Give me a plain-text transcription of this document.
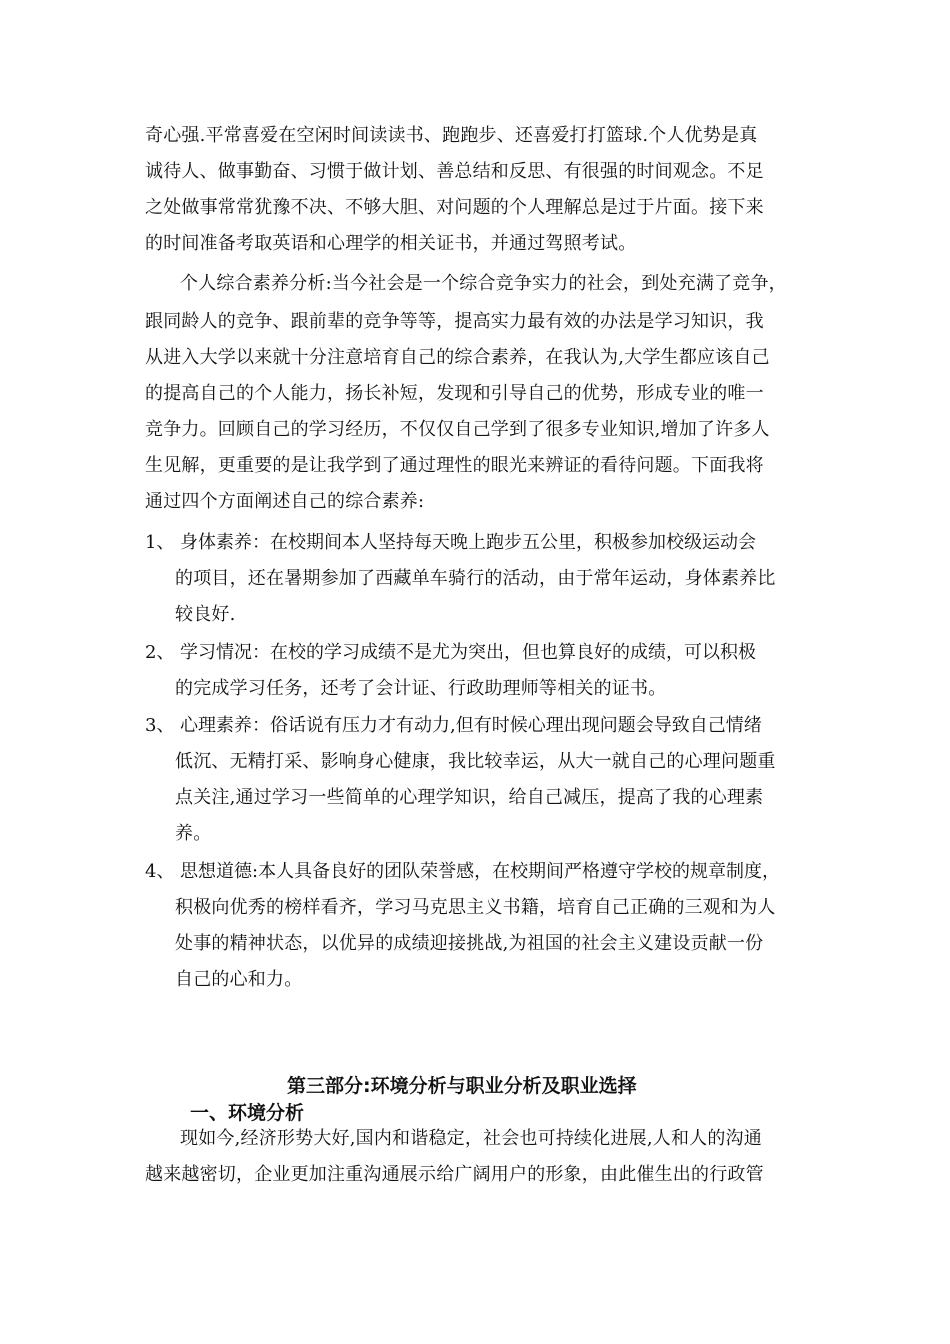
奇心强.平常喜爱在空闲时间读读书、跑跑步、还喜爱打打篮球.个人优势是真
诚待人、做事勤奋、习惯于做计划、善总结和反思、有很强的时间观念。不足
之处做事常常犹豫不决、不够大胆、对问题的个人理解总是过于片面。接下来
的时间准备考取英语和心理学的相关证书，并通过驾照考试。
个人综合素养分析:当今社会是一个综合竞争实力的社会，到处充满了竞争，
跟同龄人的竞争、跟前辈的竞争等等，提高实力最有效的办法是学习知识，我
从进入大学以来就十分注意培育自己的综合素养，在我认为,大学生都应该自己
的提高自己的个人能力，扬长补短，发现和引导自己的优势，形成专业的唯一
竞争力。回顾自己的学习经历，不仅仅自己学到了很多专业知识,增加了许多人
生见解，更重要的是让我学到了通过理性的眼光来辨证的看待问题。下面我将
通过四个方面阐述自己的综合素养:
1、 身体素养：在校期间本人坚持每天晚上跑步五公里，积极参加校级运动会
的项目，还在暑期参加了西藏单车骑行的活动，由于常年运动，身体素养比
较良好.
2、 学习情况：在校的学习成绩不是尤为突出，但也算良好的成绩，可以积极
的完成学习任务，还考了会计证、行政助理师等相关的证书。
3、 心理素养：俗话说有压力才有动力,但有时候心理出现问题会导致自己情绪
低沉、无精打采、影响身心健康，我比较幸运，从大一就自己的心理问题重
点关注,通过学习一些简单的心理学知识，给自己减压，提高了我的心理素
养。
4、 思想道德:本人具备良好的团队荣誉感，在校期间严格遵守学校的规章制度，
积极向优秀的榜样看齐，学习马克思主义书籍，培育自己正确的三观和为人
处事的精神状态，以优异的成绩迎接挑战,为祖国的社会主义建设贡献一份
自己的心和力。
第三部分:环境分析与职业分析及职业选择
一、环境分析
现如今,经济形势大好,国内和谐稳定，社会也可持续化进展,人和人的沟通
越来越密切，企业更加注重沟通展示给广阔用户的形象，由此催生出的行政管
